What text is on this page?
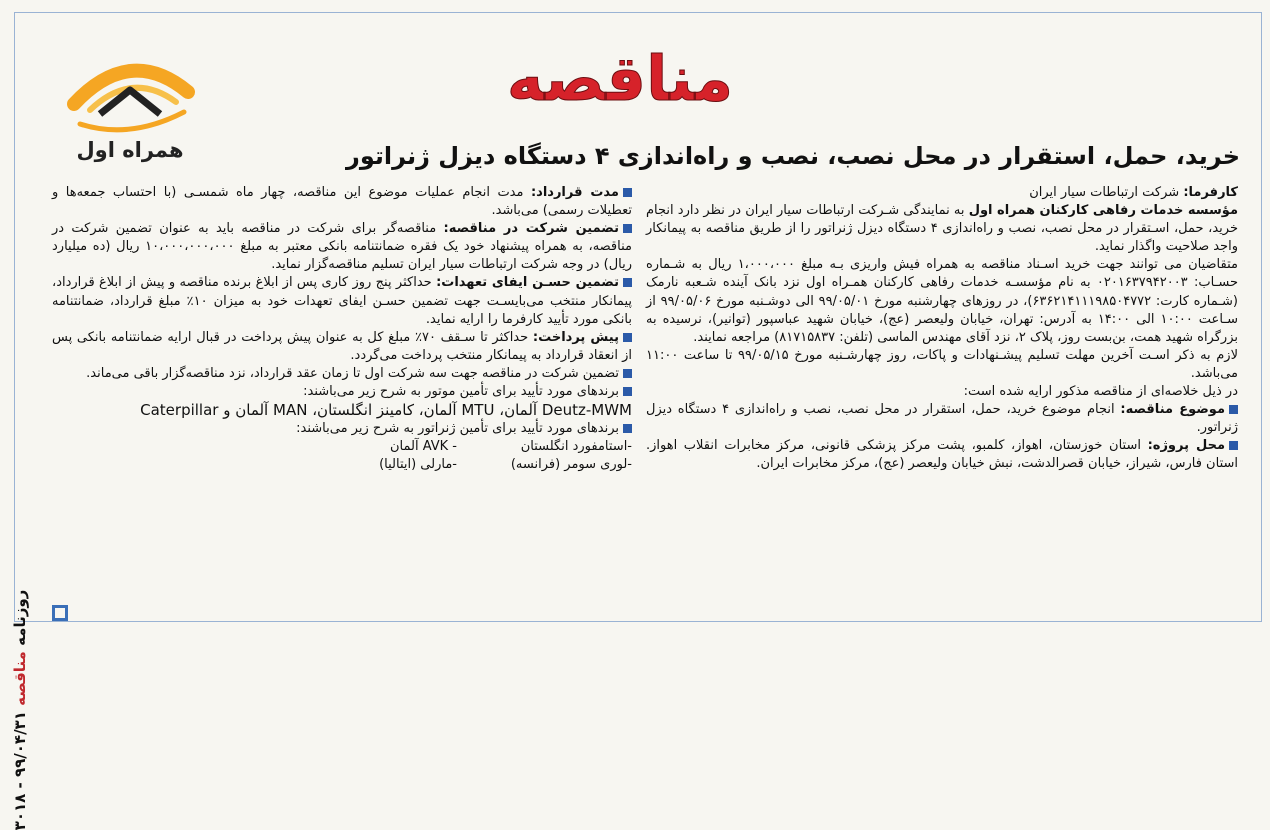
روزنامه مناقصه ۹۹/۰۴/۳۱ - ۳۰۱۸
همراه اول
مناقصه
خرید، حمل، استقرار در محل نصب، نصب و راه‌اندازی ۴ دستگاه دیزل ژنراتور

کارفرما: شرکت ارتباطات سیار ایران

مؤسسه خدمات رفاهی کارکنان همراه اول به نمایندگی شـرکت ارتباطات سیار ایران در نظر دارد انجام خرید، حمل، اسـتقرار در محل نصب، نصب و راه‌اندازی ۴ دستگاه دیزل ژنراتور را از طریق مناقصه به پیمانکار واجد صلاحیت واگذار نماید.

متقاضیان می توانند جهت خرید اسـناد مناقصه به همراه فیش واریزی بـه مبلغ ۱،۰۰۰،۰۰۰ ریال به شـماره حسـاب: ۰۲۰۱۶۳۷۹۴۲۰۰۳ به نام مؤسسـه خدمات رفاهی کارکنان همـراه اول نزد بانک آینده شـعبه نارمک (شـماره کارت: ۶۳۶۲۱۴۱۱۱۹۸۵۰۴۷۷۲)، در روزهای چهارشنبه مورخ ۹۹/۰۵/۰۱ الی دوشـنبه مورخ ۹۹/۰۵/۰۶ از سـاعت ۱۰:۰۰ الی ۱۴:۰۰ به آدرس: تهران، خیابان ولیعصر (عج)، خیابان شهید عباسپور (توانیر)، نرسیده به بزرگراه شهید همت، بن‌بست روز، پلاک ۲، نزد آقای مهندس الماسی (تلفن: ۸۱۷۱۵۸۳۷) مراجعه نمایند.

لازم به ذکر اسـت آخرین مهلت تسلیم پیشـنهادات و پاکات، روز چهارشـنبه مورخ ۹۹/۰۵/۱۵ تا ساعت ۱۱:۰۰ می‌باشد.

در ذیل خلاصه‌ای از مناقصه مذکور ارایه شده است:

موضوع مناقصه: انجام موضوع خرید، حمل، استقرار در محل نصب، نصب و راه‌اندازی ۴ دستگاه دیزل ژنراتور.

محل پروژه: استان خوزستان، اهواز، کلمبو، پشت مرکز پزشکی قانونی، مرکز مخابرات انقلاب اهواز. استان فارس، شیراز، خیابان قصرالدشت، نبش خیابان ولیعصر (عج)، مرکز مخابرات ایران.

مدت قرارداد: مدت انجام عملیات موضوع این مناقصه، چهار ماه شمسـی (با احتساب جمعه‌ها و تعطیلات رسمی) می‌باشد.

تضمین شرکت در مناقصه: مناقصه‌گر برای شرکت در مناقصه باید به عنوان تضمین شرکت در مناقصه، به همراه پیشنهاد خود یک فقره ضمانتنامه بانکی معتبر به مبلغ ۱۰،۰۰۰،۰۰۰،۰۰۰ ریال (ده میلیارد ریال) در وجه شرکت ارتباطات سیار ایران تسلیم مناقصه‌گزار نماید.

تضمین حسـن ایفای تعهدات: حداکثر پنج روز کاری پس از ابلاغ برنده مناقصه و پیش از ابلاغ قرارداد، پیمانکار منتخب می‌بایسـت جهت تضمین حسـن ایفای تعهدات خود به میزان ۱۰٪ مبلغ قرارداد، ضمانتنامه بانکی مورد تأیید کارفرما را ارایه نماید.

پیش پرداخت: حداکثر تا سـقف ۷۰٪ مبلغ کل به عنوان پیش پرداخت در قبال ارایه ضمانتنامه بانکی پس از انعقاد قرارداد به پیمانکار منتخب پرداخت می‌گردد.

تضمین شرکت در مناقصه جهت سه شرکت اول تا زمان عقد قرارداد، نزد مناقصه‌گزار باقی می‌ماند.

برندهای مورد تأیید برای تأمین موتور به شرح زیر می‌باشند:

Deutz-MWM آلمان، MTU آلمان، کامینز انگلستان، MAN آلمان و Caterpillar

برندهای مورد تأیید برای تأمین ژنراتور به شرح زیر می‌باشند:

-استامفورد انگلستان
- AVK آلمان
-لوری سومر (فرانسه)
-مارلی (ایتالیا)
